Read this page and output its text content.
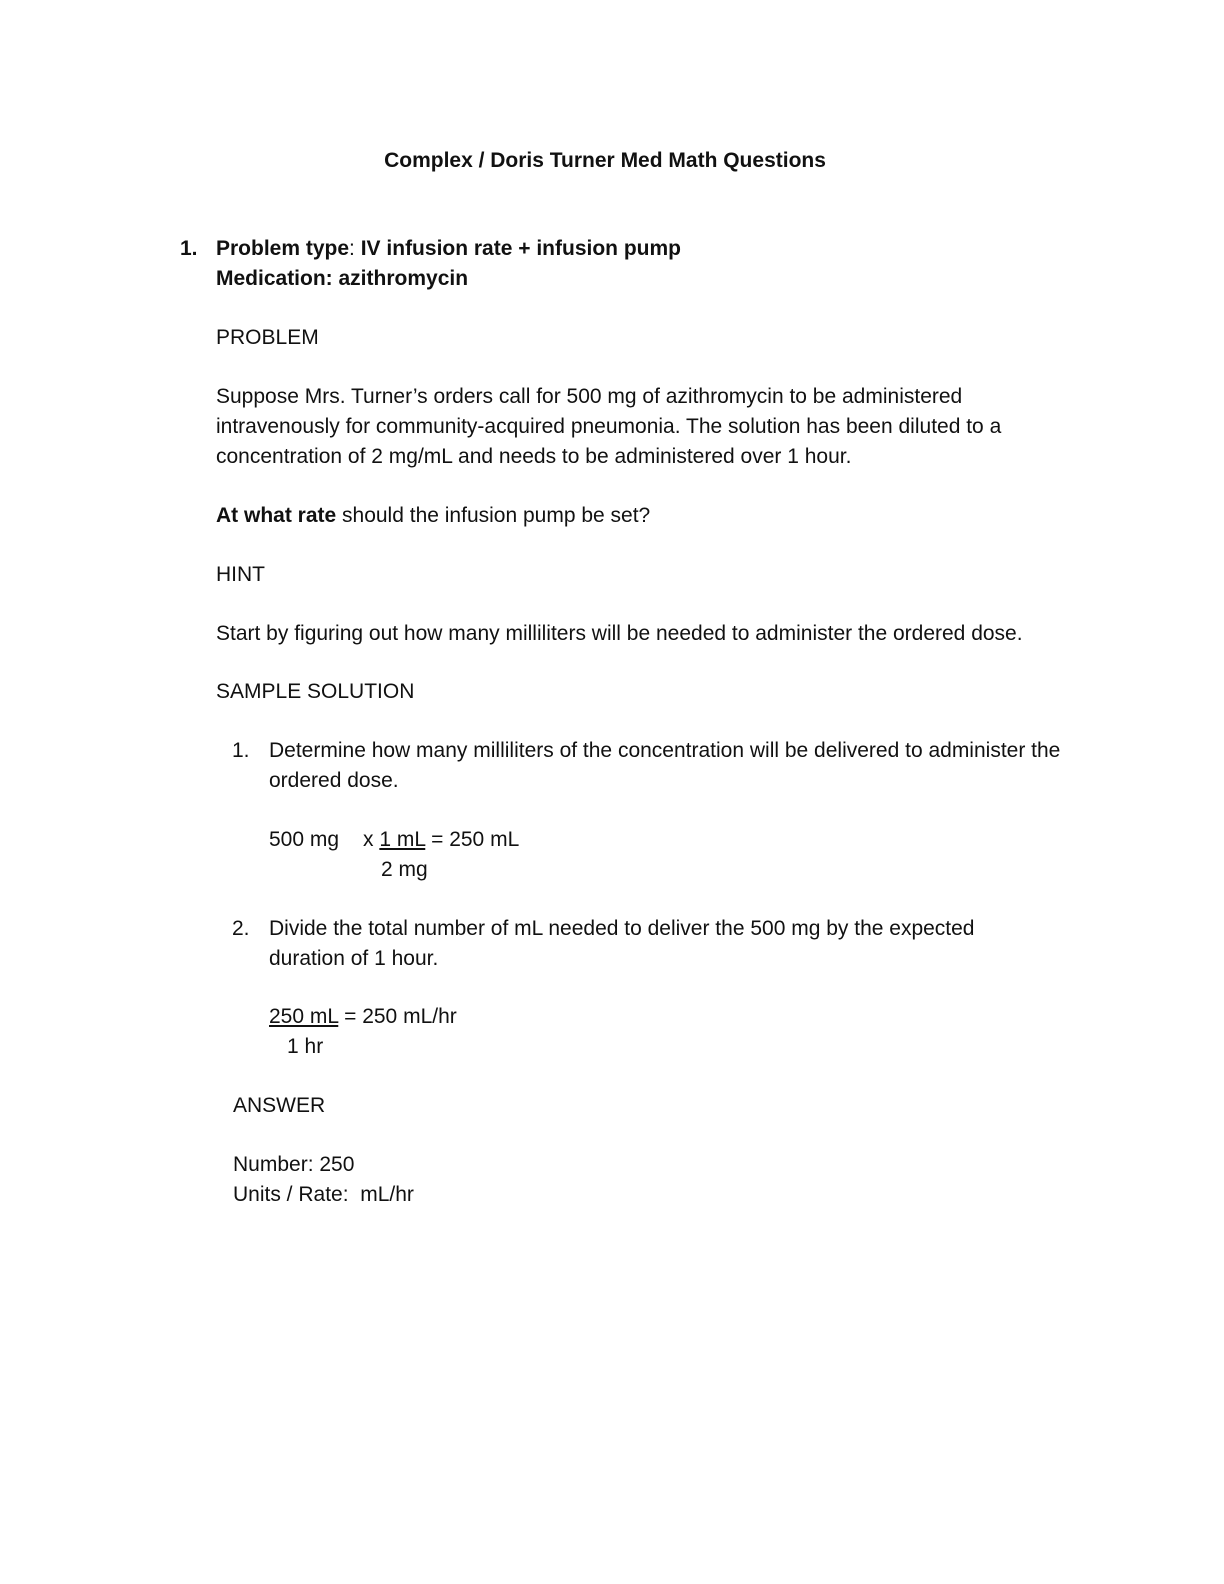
Complex / Doris Turner Med Math Questions
1. Problem type: IV infusion rate + infusion pump
Medication: azithromycin
PROBLEM
Suppose Mrs. Turner’s orders call for 500 mg of azithromycin to be administered intravenously for community-acquired pneumonia. The solution has been diluted to a concentration of 2 mg/mL and needs to be administered over 1 hour.
At what rate should the infusion pump be set?
HINT
Start by figuring out how many milliliters will be needed to administer the ordered dose.
SAMPLE SOLUTION
1. Determine how many milliliters of the concentration will be delivered to administer the ordered dose.
500 mg x 1 mL = 250 mL
2 mg
2. Divide the total number of mL needed to deliver the 500 mg by the expected duration of 1 hour.
250 mL = 250 mL/hr
1 hr
ANSWER
Number: 250
Units / Rate:  mL/hr
